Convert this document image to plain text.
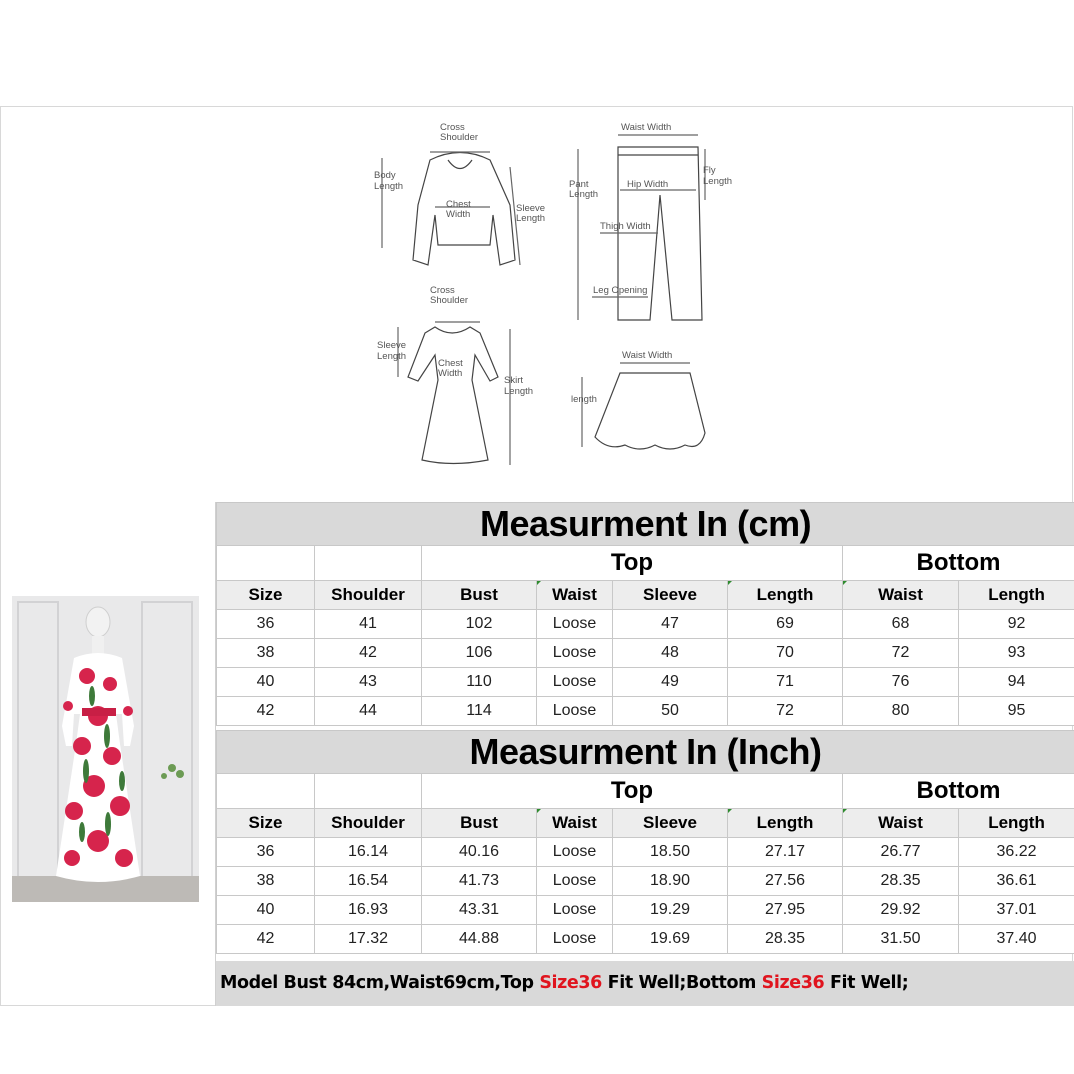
Cross
Shoulder
Body
Length
Chest
Width
Sleeve
Length
Waist Width
Fly
Length
Pant
Length
Hip Width
Thigh Width
Leg Opening
Cross
Shoulder
Sleeve
Length
Chest
Width
Skirt
Length
Waist Width
length
Measurment In (cm)							
		Top				Bottom	
Size	Shoulder	Bust	Waist	Sleeve	Length	Waist	Length
36	41	102	Loose	47	69	68	92
38	42	106	Loose	48	70	72	93
40	43	110	Loose	49	71	76	94
42	44	114	Loose	50	72	80	95
Measurment In (Inch)							
		Top				Bottom	
Size	Shoulder	Bust	Waist	Sleeve	Length	Waist	Length
36	16.14	40.16	Loose	18.50	27.17	26.77	36.22
38	16.54	41.73	Loose	18.90	27.56	28.35	36.61
40	16.93	43.31	Loose	19.29	27.95	29.92	37.01
42	17.32	44.88	Loose	19.69	28.35	31.50	37.40
Model Bust 84cm,Waist69cm,Top Size36 Fit Well;Bottom Size36 Fit Well;
